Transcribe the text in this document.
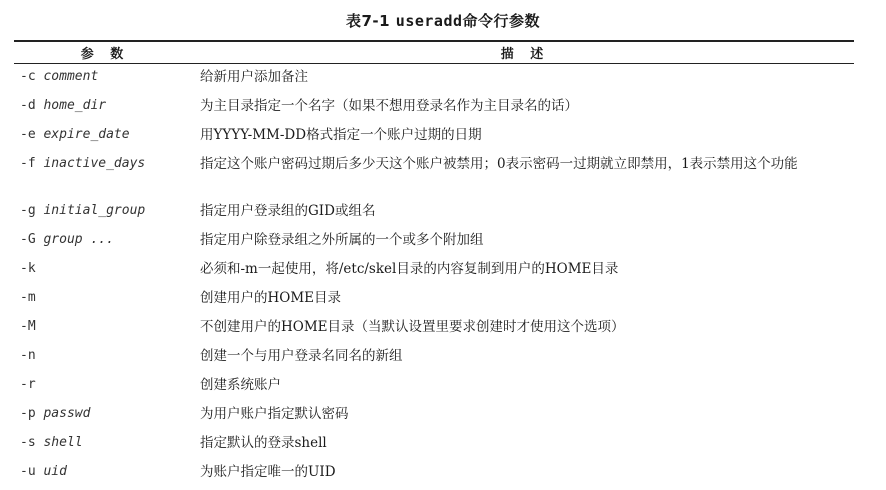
表7-1 useradd命令行参数
参 数	描 述
-c comment	给新用户添加备注
-d home_dir	为主目录指定一个名字（如果不想用登录名作为主目录名的话）
-e expire_date	用YYYY-MM-DD格式指定一个账户过期的日期
-f inactive_days	指定这个账户密码过期后多少天这个账户被禁用；0表示密码一过期就立即禁用，1表示禁用这个功能
-g initial_group	指定用户登录组的GID或组名
-G group ...	指定用户除登录组之外所属的一个或多个附加组
-k	必须和-m一起使用，将/etc/skel目录的内容复制到用户的HOME目录
-m	创建用户的HOME目录
-M	不创建用户的HOME目录（当默认设置里要求创建时才使用这个选项）
-n	创建一个与用户登录名同名的新组
-r	创建系统账户
-p passwd	为用户账户指定默认密码
-s shell	指定默认的登录shell
-u uid	为账户指定唯一的UID
